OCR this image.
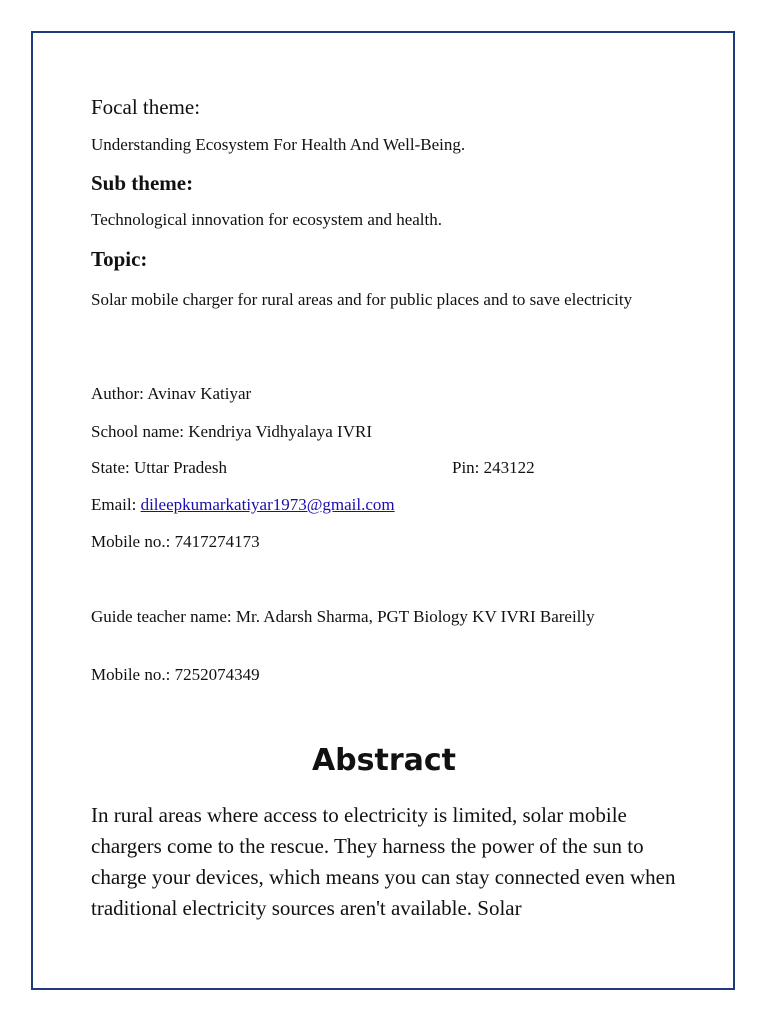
Focal theme:

Understanding Ecosystem For Health And Well-Being.

Sub theme:

Technological innovation for ecosystem and health.

Topic:

Solar mobile charger for rural areas and for public places and to save electricity

Author: Avinav Katiyar

School name: Kendriya Vidhyalaya IVRI

State: Uttar Pradesh	Pin: 243122

Email: dileepkumarkatiyar1973@gmail.com

Mobile no.: 7417274173

Guide teacher name: Mr. Adarsh Sharma, PGT Biology KV IVRI Bareilly

Mobile no.: 7252074349

Abstract

In rural areas where access to electricity is limited, solar mobile chargers come to the rescue. They harness the power of the sun to charge your devices, which means you can stay connected even when traditional electricity sources aren't available. Solar
